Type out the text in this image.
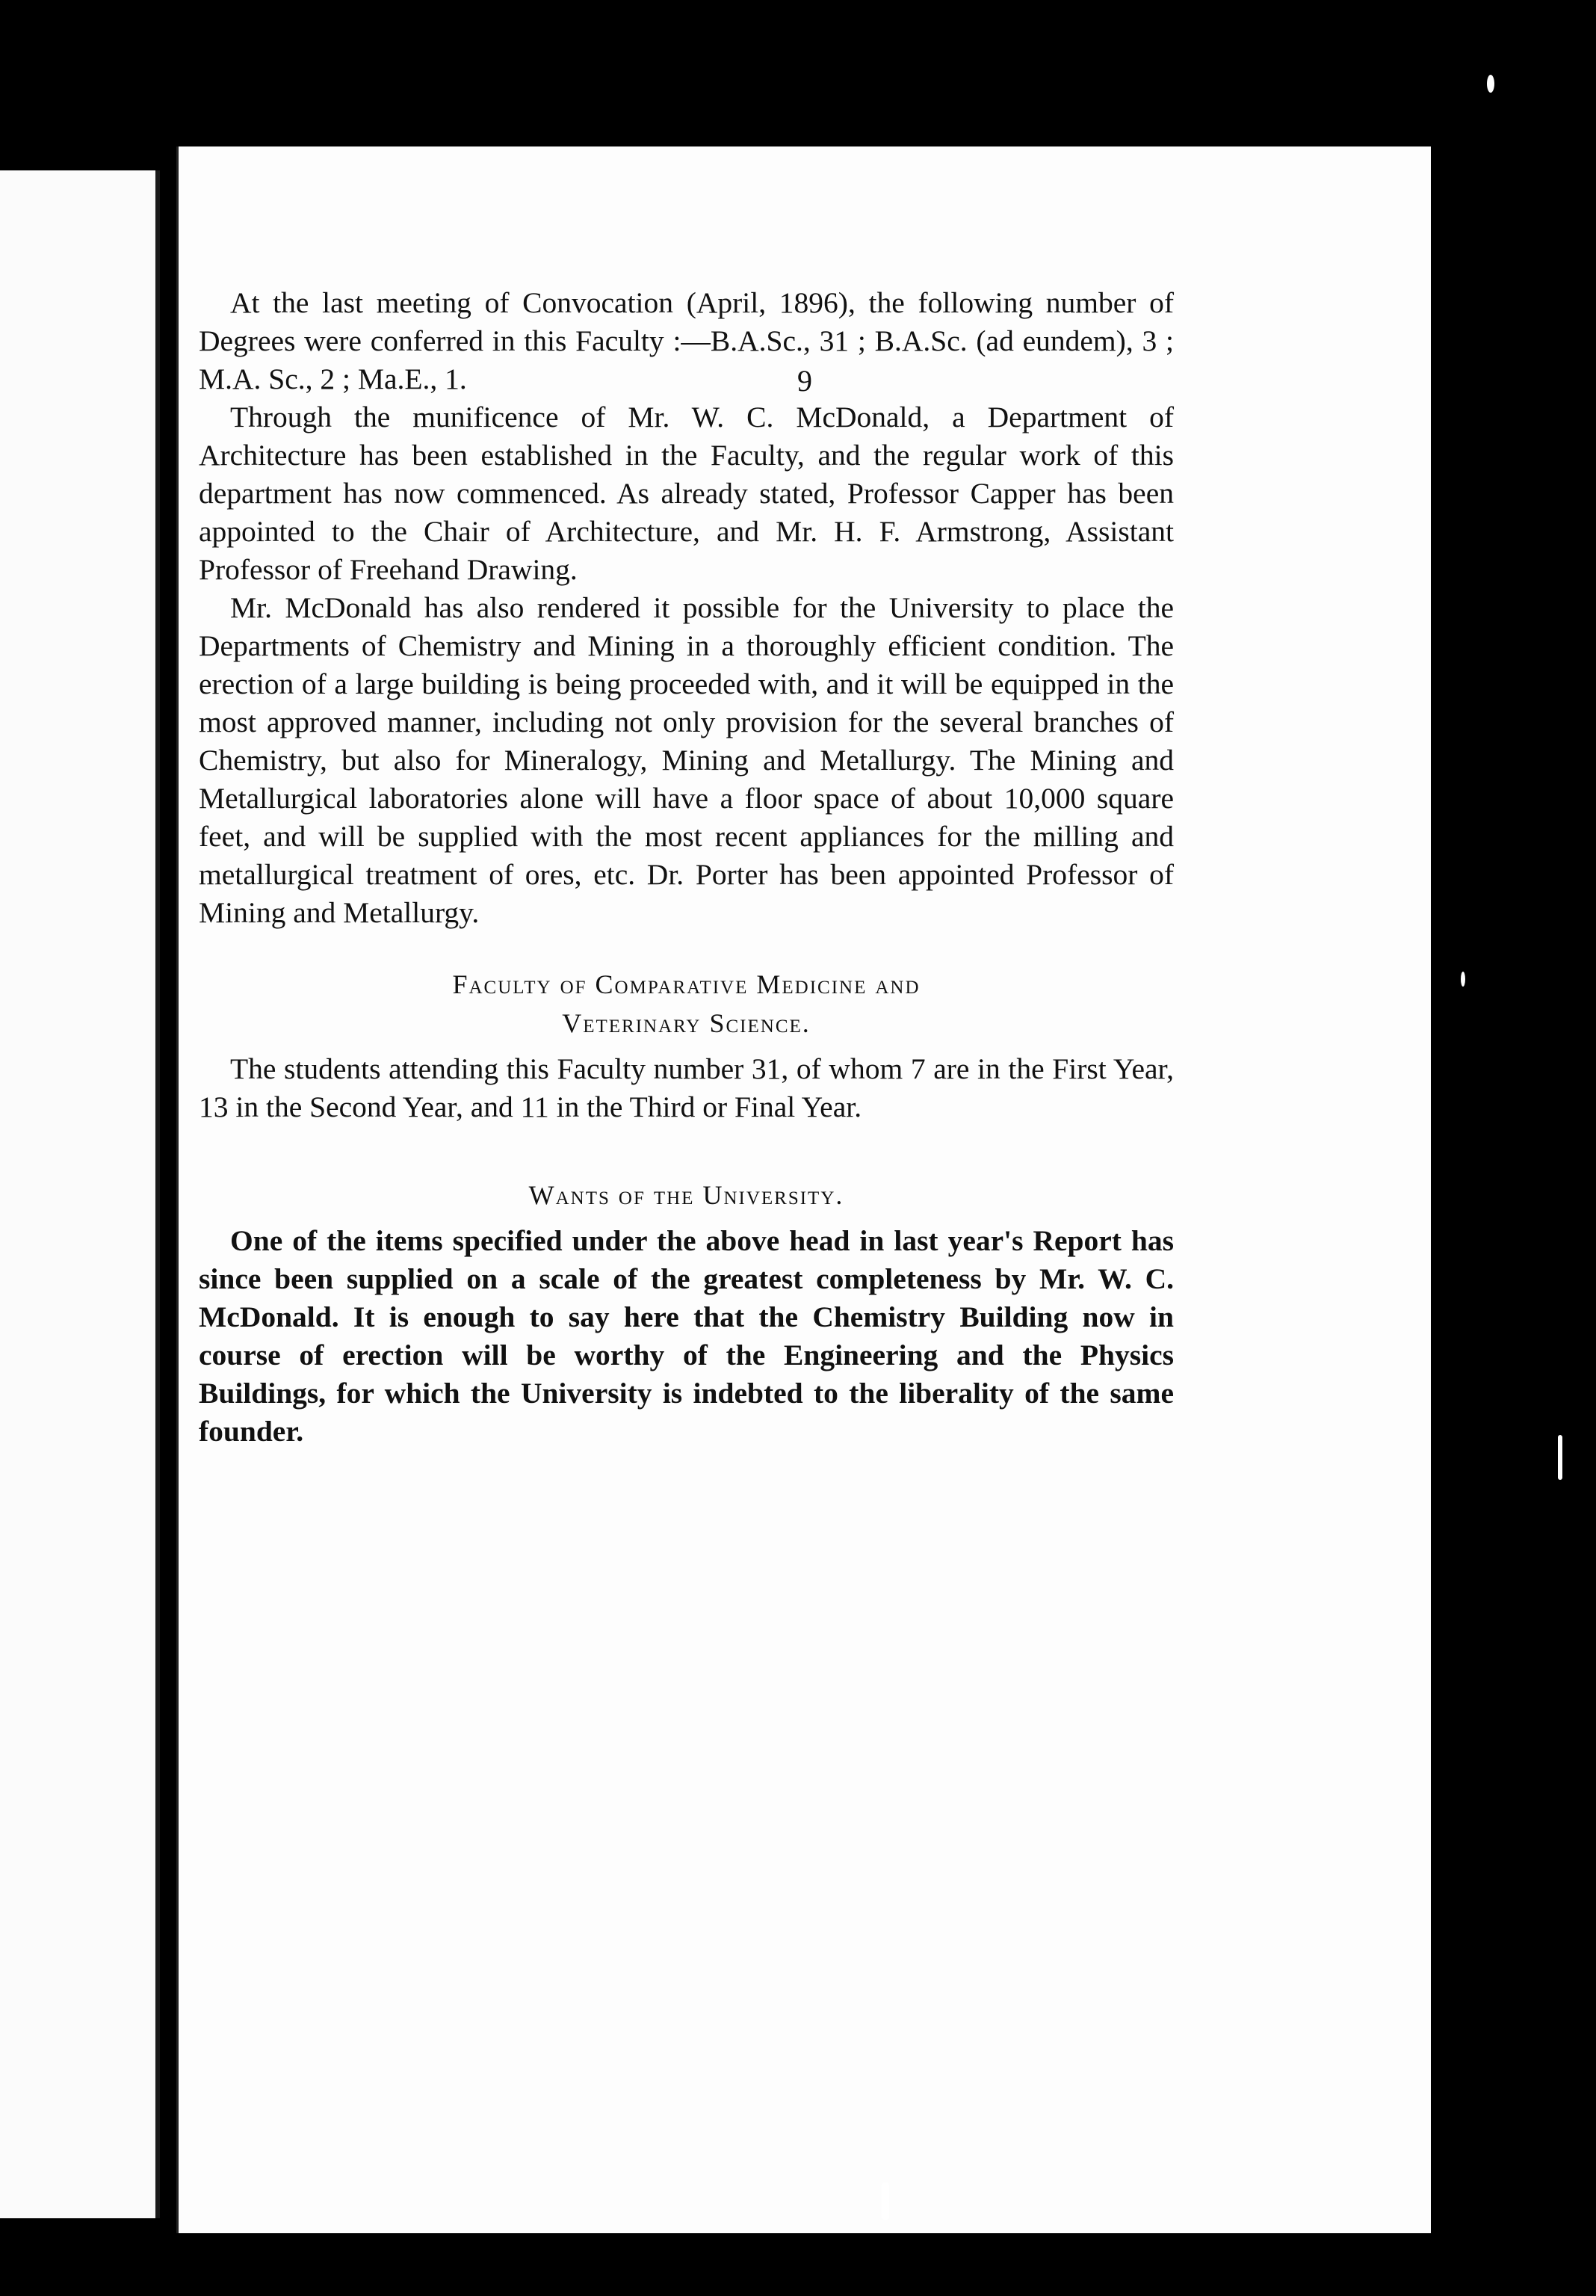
9

At the last meeting of Convocation (April, 1896), the following number of Degrees were conferred in this Faculty :—B.A.Sc., 31 ; B.A.Sc. (ad eundem), 3 ; M.A. Sc., 2 ; Ma.E., 1.

Through the munificence of Mr. W. C. McDonald, a Department of Architecture has been established in the Faculty, and the regular work of this department has now commenced. As already stated, Professor Capper has been appointed to the Chair of Architecture, and Mr. H. F. Armstrong, Assistant Professor of Freehand Drawing.

Mr. McDonald has also rendered it possible for the University to place the Departments of Chemistry and Mining in a thoroughly efficient condition. The erection of a large building is being proceeded with, and it will be equipped in the most approved manner, including not only provision for the several branches of Chemistry, but also for Mineralogy, Mining and Metallurgy. The Mining and Metallurgical laboratories alone will have a floor space of about 10,000 square feet, and will be supplied with the most recent appliances for the milling and metallurgical treatment of ores, etc. Dr. Porter has been appointed Professor of Mining and Metallurgy.

Faculty of Comparative Medicine and
Veterinary Science.

The students attending this Faculty number 31, of whom 7 are in the First Year, 13 in the Second Year, and 11 in the Third or Final Year.

Wants of the University.

One of the items specified under the above head in last year's Report has since been supplied on a scale of the greatest completeness by Mr. W. C. McDonald. It is enough to say here that the Chemistry Building now in course of erection will be worthy of the Engineering and the Physics Buildings, for which the University is indebted to the liberality of the same founder.
